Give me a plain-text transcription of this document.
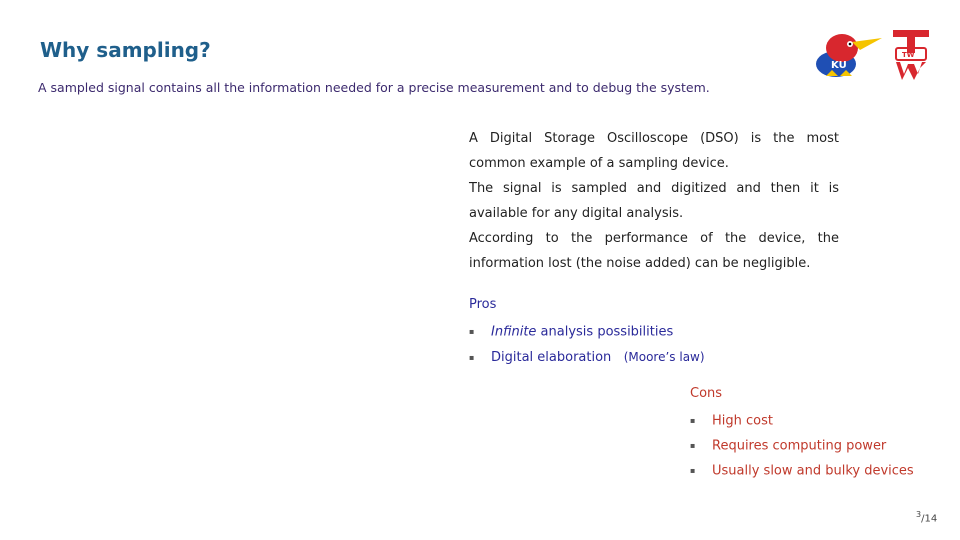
Why sampling?
A sampled signal contains all the information needed for a precise measurement and to debug the system.
KU
TW

A Digital Storage Oscilloscope (DSO) is the most common example of a sampling device.

The signal is sampled and digitized and then it is available for any digital analysis.

According to the performance of the device, the information lost (the noise added) can be negligible.

Pros
▪ Infinite analysis possibilities
▪ Digital elaboration (Moore’s law)
Cons
▪ High cost
▪ Requires computing power
▪ Usually slow and bulky devices
$^3$/14
